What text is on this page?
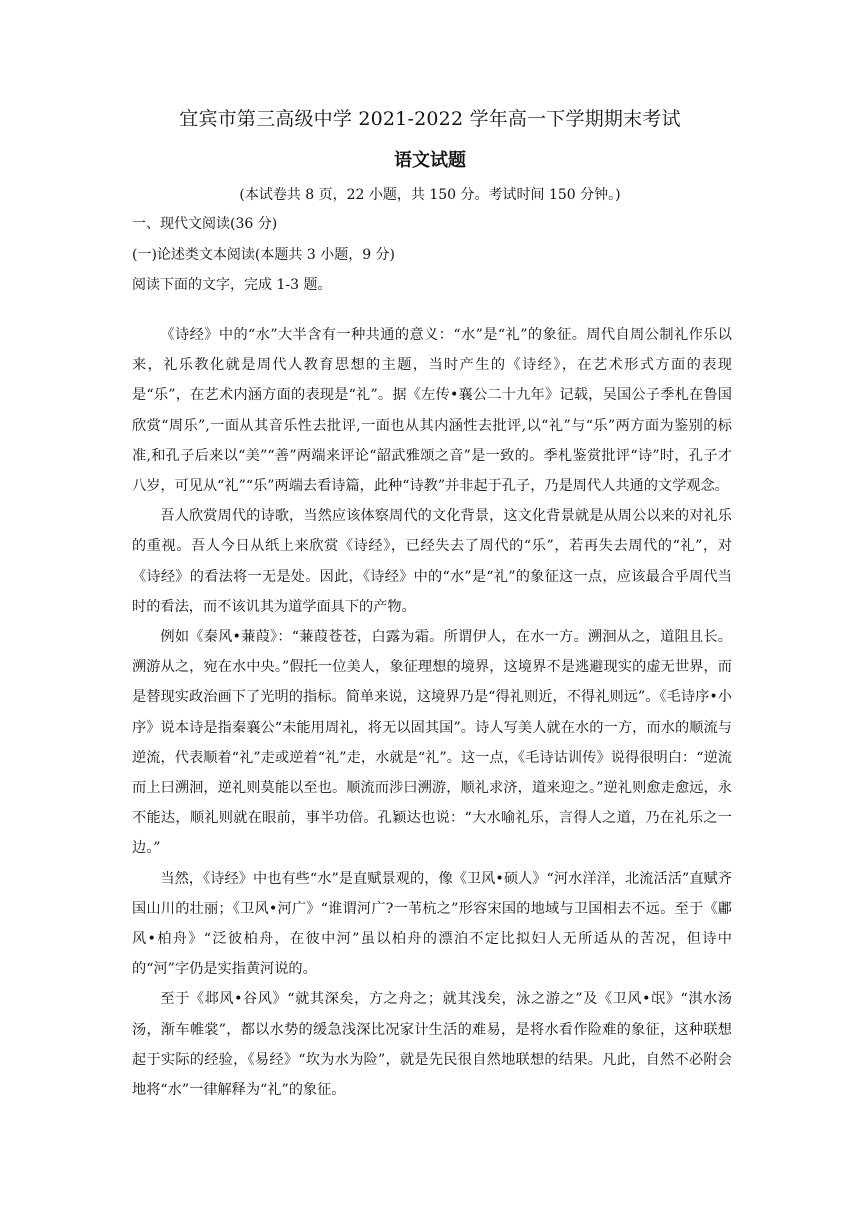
宜宾市第三高级中学 2021-2022 学年高一下学期期末考试
语文试题
(本试卷共 8 页，22 小题，共 150 分。考试时间 150 分钟。)
一、现代文阅读(36 分)
(一)论述类文本阅读(本题共 3 小题，9 分)
阅读下面的文字，完成 1-3 题。

《诗经》中的“水”大半含有一种共通的意义：“水”是“礼”的象征。周代自周公制礼作乐以来，礼乐教化就是周代人教育思想的主题，当时产生的《诗经》，在艺术形式方面的表现是“乐”，在艺术内涵方面的表现是“礼”。据《左传•襄公二十九年》记载，吴国公子季札在鲁国欣赏“周乐”,一面从其音乐性去批评,一面也从其内涵性去批评,以“礼”与“乐”两方面为鉴别的标准,和孔子后来以“美”“善”两端来评论“韶武雅颂之音”是一致的。季札鉴赏批评“诗”时，孔子才八岁，可见从“礼”“乐”两端去看诗篇，此种“诗教”并非起于孔子，乃是周代人共通的文学观念。

吾人欣赏周代的诗歌，当然应该体察周代的文化背景，这文化背景就是从周公以来的对礼乐的重视。吾人今日从纸上来欣赏《诗经》，已经失去了周代的“乐”，若再失去周代的“礼”，对《诗经》的看法将一无是处。因此，《诗经》中的“水”是“礼”的象征这一点，应该最合乎周代当时的看法，而不该讥其为道学面具下的产物。

例如《秦风•蒹葭》：“蒹葭苍苍，白露为霜。所谓伊人，在水一方。溯洄从之，道阻且长。溯游从之，宛在水中央。”假托一位美人，象征理想的境界，这境界不是逃避现实的虚无世界，而是替现实政治画下了光明的指标。简单来说，这境界乃是“得礼则近，不得礼则远”。《毛诗序•小序》说本诗是指秦襄公“未能用周礼，将无以固其国”。诗人写美人就在水的一方，而水的顺流与逆流，代表顺着“礼”走或逆着“礼”走，水就是“礼”。这一点，《毛诗诂训传》说得很明白：“逆流而上曰溯洄，逆礼则莫能以至也。顺流而涉曰溯游，顺礼求济，道来迎之。”逆礼则愈走愈远，永不能达，顺礼则就在眼前，事半功倍。孔颖达也说：“大水喻礼乐，言得人之道，乃在礼乐之一边。”

当然，《诗经》中也有些“水”是直赋景观的，像《卫风•硕人》“河水洋洋，北流活活”直赋齐国山川的壮丽；《卫风•河广》“谁谓河广?一苇杭之”形容宋国的地域与卫国相去不远。至于《鄘风•柏舟》“泛彼柏舟，在彼中河”虽以柏舟的漂泊不定比拟妇人无所适从的苦况，但诗中的“河”字仍是实指黄河说的。

至于《邶风•谷风》“就其深矣，方之舟之；就其浅矣，泳之游之”及《卫风•氓》“淇水汤汤，渐车帷裳”，都以水势的缓急浅深比况家计生活的难易，是将水看作险难的象征，这种联想起于实际的经验，《易经》“坎为水为险”，就是先民很自然地联想的结果。凡此，自然不必附会地将“水”一律解释为“礼”的象征。
